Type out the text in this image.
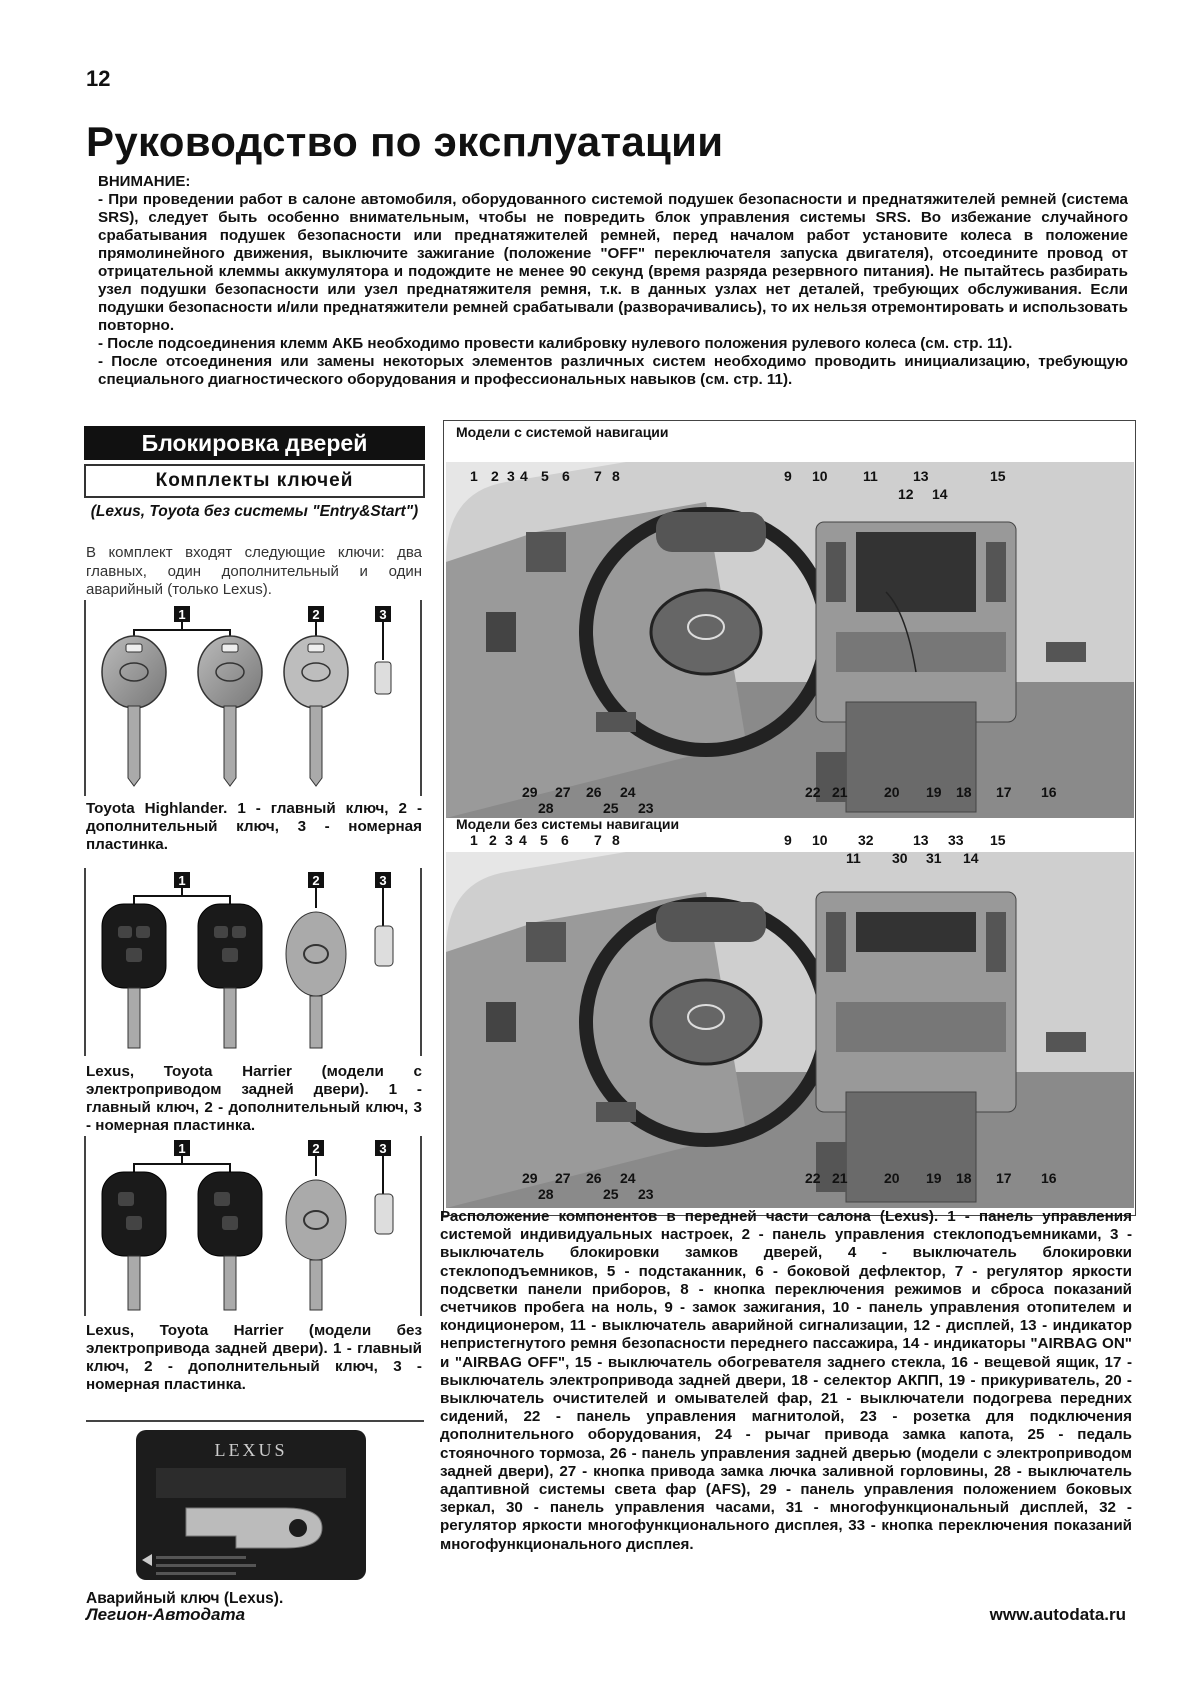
12
Руководство по эксплуатации

ВНИМАНИЕ:

- При проведении работ в салоне автомобиля, оборудованного системой подушек безопасности и преднатяжителей ремней (система SRS), следует быть особенно внимательным, чтобы не повредить блок управления системы SRS. Во избежание случайного срабатывания подушек безопасности или преднатяжителей ремней, перед началом работ установите колеса в положение прямолинейного движения, выключите зажигание (положение "OFF" переключателя запуска двигателя), отсоедините провод от отрицательной клеммы аккумулятора и подождите не менее 90 секунд (время разряда резервного питания). Не пытайтесь разбирать узел подушки безопасности или узел преднатяжителя ремня, т.к. в данных узлах нет деталей, требующих обслуживания. Если подушки безопасности и/или преднатяжители ремней срабатывали (разворачивались), то их нельзя отремонтировать и использовать повторно.

- После подсоединения клемм АКБ необходимо провести калибровку нулевого положения рулевого колеса (см. стр. 11).

- После отсоединения или замены некоторых элементов различных систем необходимо проводить инициализацию, требующую специального диагностического оборудования и профессиональных навыков (см. стр. 11).

Блокировка дверей
Комплекты ключей
(Lexus, Toyota без системы "Entry&Start")
В комплект входят следующие ключи: два главных, один дополнительный и один аварийный (только Lexus).
1	2	3
Toyota Highlander. 1 - главный ключ, 2 - дополнительный ключ, 3 - номерная пластинка.
1	2	3
Lexus, Toyota Harrier (модели с электроприводом задней двери). 1 - главный ключ, 2 - дополнительный ключ, 3 - номерная пластинка.
1	2	3
Lexus, Toyota Harrier (модели без электропривода задней двери). 1 - главный ключ, 2 - дополнительный ключ, 3 - номерная пластинка.
LEXUS
Аварийный ключ (Lexus).
Модели с системой навигации
1 2 3 4 5 6 7 8	9 10	11
12
13
14
15
29
28
27 26
25
24
23
22 21	20 19 18 17 16
Модели без системы навигации
1 2 3 4 5 6 7 8	9 10
11
32
30
13
31
33
14
15
29
28
27 26
25
24
23
22 21	20 19 18 17 16
Расположение компонентов в передней части салона (Lexus). 1 - панель управления системой индивидуальных настроек, 2 - панель управления стеклоподъемниками, 3 - выключатель блокировки замков дверей, 4 - выключатель блокировки стеклоподъемников, 5 - подстаканник, 6 - боковой дефлектор, 7 - регулятор яркости подсветки панели приборов, 8 - кнопка переключения режимов и сброса показаний счетчиков пробега на ноль, 9 - замок зажигания, 10 - панель управления отопителем и кондиционером, 11 - выключатель аварийной сигнализации, 12 - дисплей, 13 - индикатор непристегнутого ремня безопасности переднего пассажира, 14 - индикаторы "AIRBAG ON" и "AIRBAG OFF", 15 - выключатель обогревателя заднего стекла, 16 - вещевой ящик, 17 - выключатель электропривода задней двери, 18 - селектор АКПП, 19 - прикуриватель, 20 - выключатель очистителей и омывателей фар, 21 - выключатели подогрева передних сидений, 22 - панель управления магнитолой, 23 - розетка для подключения дополнительного оборудования, 24 - рычаг привода замка капота, 25 - педаль стояночного тормоза, 26 - панель управления задней дверью (модели с электроприводом задней двери), 27 - кнопка привода замка лючка заливной горловины, 28 - выключатель адаптивной системы света фар (AFS), 29 - панель управления положением боковых зеркал, 30 - панель управления часами, 31 - многофункциональный дисплей, 32 - регулятор яркости многофункционального дисплея, 33 - кнопка переключения показаний многофункционального дисплея.
Легион-Автодата	www.autodata.ru
